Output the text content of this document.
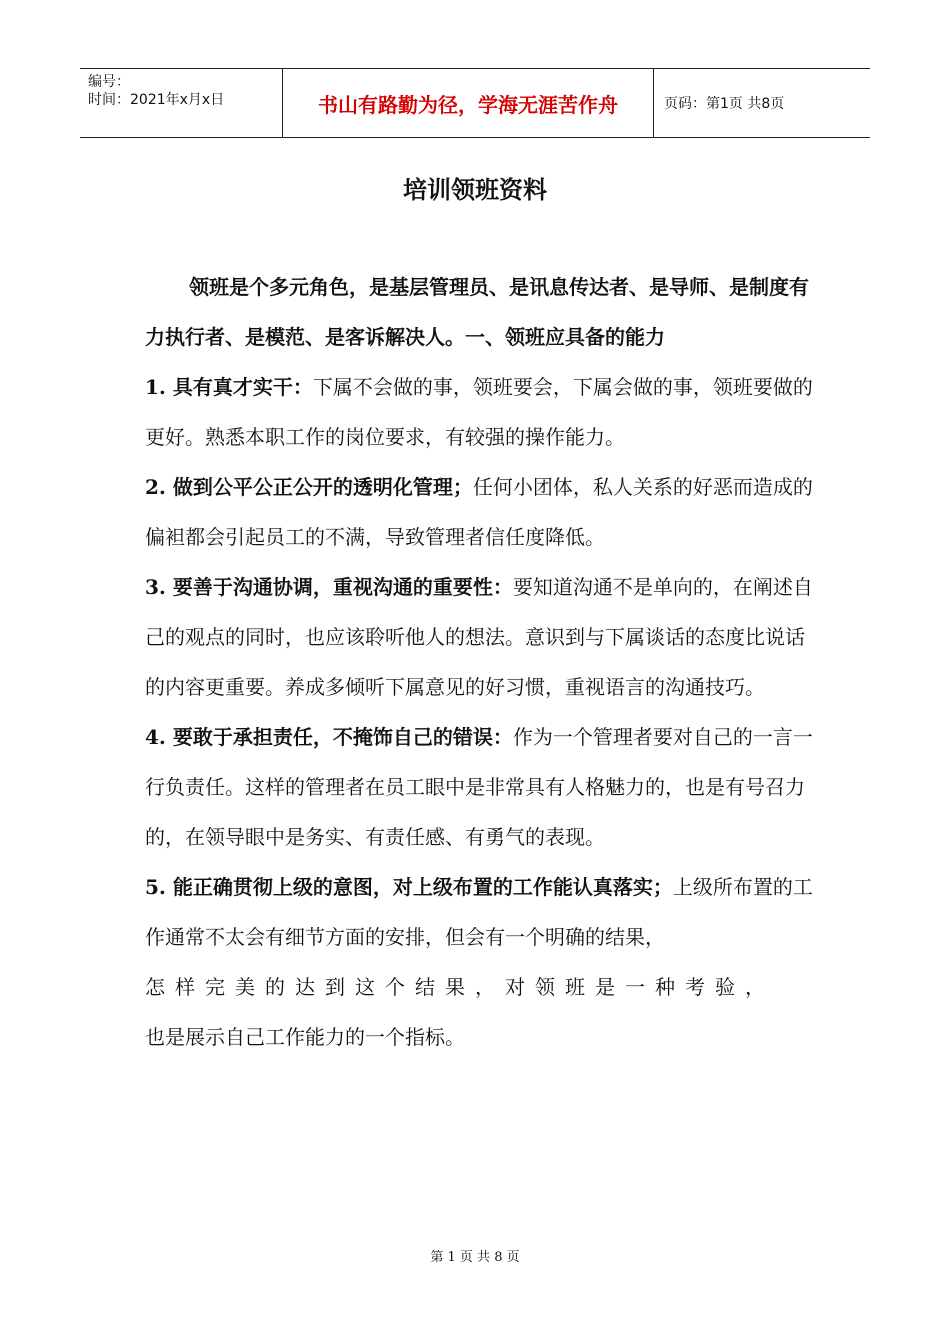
编号：
时间：2021年x月x日	书山有路勤为径，学海无涯苦作舟	页码：第1页 共8页
培训领班资料

领班是个多元角色，是基层管理员、是讯息传达者、是导师、是制度有力执行者、是模范、是客诉解决人。一、领班应具备的能力

1. 具有真才实干：下属不会做的事，领班要会，下属会做的事，领班要做的更好。熟悉本职工作的岗位要求，有较强的操作能力。

2. 做到公平公正公开的透明化管理；任何小团体，私人关系的好恶而造成的偏袒都会引起员工的不满，导致管理者信任度降低。

3. 要善于沟通协调，重视沟通的重要性：要知道沟通不是单向的，在阐述自己的观点的同时，也应该聆听他人的想法。意识到与下属谈话的态度比说话的内容更重要。养成多倾听下属意见的好习惯，重视语言的沟通技巧。

4. 要敢于承担责任，不掩饰自己的错误：作为一个管理者要对自己的一言一行负责任。这样的管理者在员工眼中是非常具有人格魅力的，也是有号召力的，在领导眼中是务实、有责任感、有勇气的表现。

5. 能正确贯彻上级的意图，对上级布置的工作能认真落实；上级所布置的工作通常不太会有细节方面的安排，但会有一个明确的结果，
怎样完美的达到这个结果，对领班是一种考验，
也是展示自己工作能力的一个指标。

第 1 页 共 8 页
